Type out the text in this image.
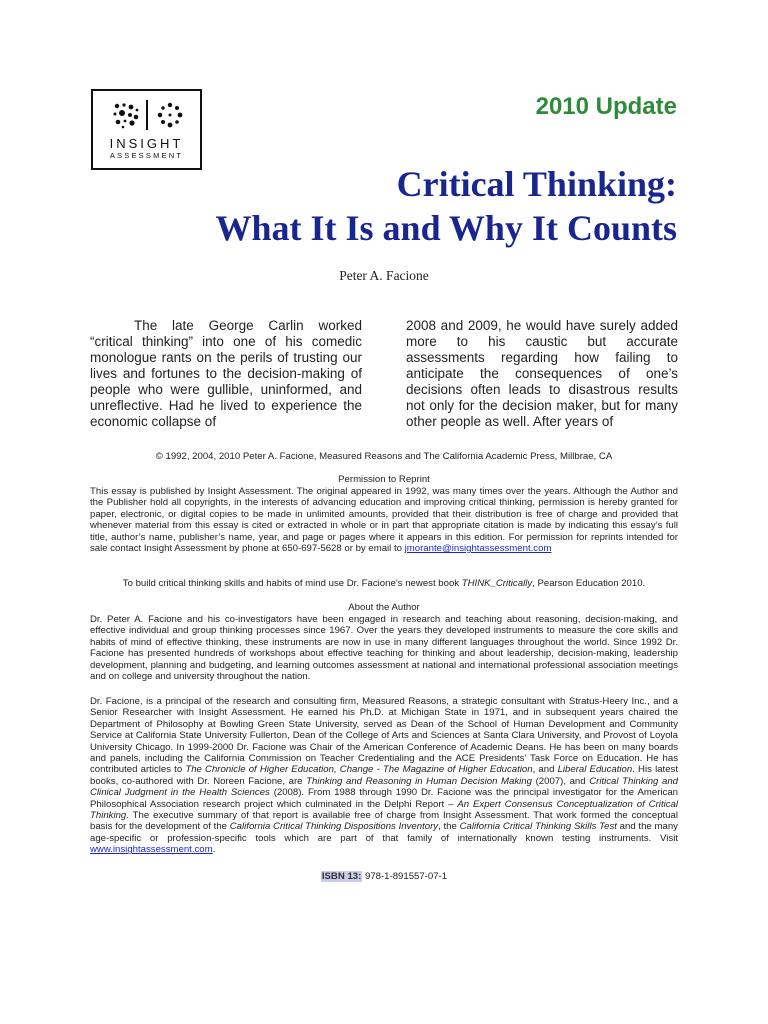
INSIGHT
ASSESSMENT
2010 Update
Critical Thinking:
What It Is and Why It Counts
Peter A. Facione

The late George Carlin worked “critical thinking” into one of his comedic monologue rants on the perils of trusting our lives and fortunes to the decision-making of people who were gullible, uninformed, and unreflective. Had he lived to experience the economic collapse of

2008 and 2009, he would have surely added more to his caustic but accurate assessments regarding how failing to anticipate the consequences of one’s decisions often leads to disastrous results not only for the decision maker, but for many other people as well. After years of

© 1992, 2004, 2010 Peter A. Facione, Measured Reasons and The California Academic Press, Millbrae, CA
Permission to Reprint

This essay is published by Insight Assessment. The original appeared in 1992, was many times over the years. Although the Author and the Publisher hold all copyrights, in the interests of advancing education and improving critical thinking, permission is hereby granted for paper, electronic, or digital copies to be made in unlimited amounts, provided that their distribution is free of charge and provided that whenever material from this essay is cited or extracted in whole or in part that appropriate citation is made by indicating this essay’s full title, author’s name, publisher’s name, year, and page or pages where it appears in this edition. For permission for reprints intended for sale contact Insight Assessment by phone at 650-697-5628 or by email to jmorante@insightassessment.com

To build critical thinking skills and habits of mind use Dr. Facione’s newest book THINK_Critically, Pearson Education 2010.
About the Author

Dr. Peter A. Facione and his co-investigators have been engaged in research and teaching about reasoning, decision-making, and effective individual and group thinking processes since 1967. Over the years they developed instruments to measure the core skills and habits of mind of effective thinking, these instruments are now in use in many different languages throughout the world. Since 1992 Dr. Facione has presented hundreds of workshops about effective teaching for thinking and about leadership, decision-making, leadership development, planning and budgeting, and learning outcomes assessment at national and international professional association meetings and on college and university throughout the nation.

Dr. Facione, is a principal of the research and consulting firm, Measured Reasons, a strategic consultant with Stratus-Heery Inc., and a Senior Researcher with Insight Assessment. He earned his Ph.D. at Michigan State in 1971, and in subsequent years chaired the Department of Philosophy at Bowling Green State University, served as Dean of the School of Human Development and Community Service at California State University Fullerton, Dean of the College of Arts and Sciences at Santa Clara University, and Provost of Loyola University Chicago. In 1999-2000 Dr. Facione was Chair of the American Conference of Academic Deans. He has been on many boards and panels, including the California Commission on Teacher Credentialing and the ACE Presidents’ Task Force on Education. He has contributed articles to The Chronicle of Higher Education, Change - The Magazine of Higher Education, and Liberal Education. His latest books, co-authored with Dr. Noreen Facione, are Thinking and Reasoning in Human Decision Making (2007), and Critical Thinking and Clinical Judgment in the Health Sciences (2008). From 1988 through 1990 Dr. Facione was the principal investigator for the American Philosophical Association research project which culminated in the Delphi Report – An Expert Consensus Conceptualization of Critical Thinking. The executive summary of that report is available free of charge from Insight Assessment. That work formed the conceptual basis for the development of the California Critical Thinking Dispositions Inventory, the California Critical Thinking Skills Test and the many age-specific or profession-specific tools which are part of that family of internationally known testing instruments. Visit www.insightassessment.com.

ISBN 13: 978-1-891557-07-1
